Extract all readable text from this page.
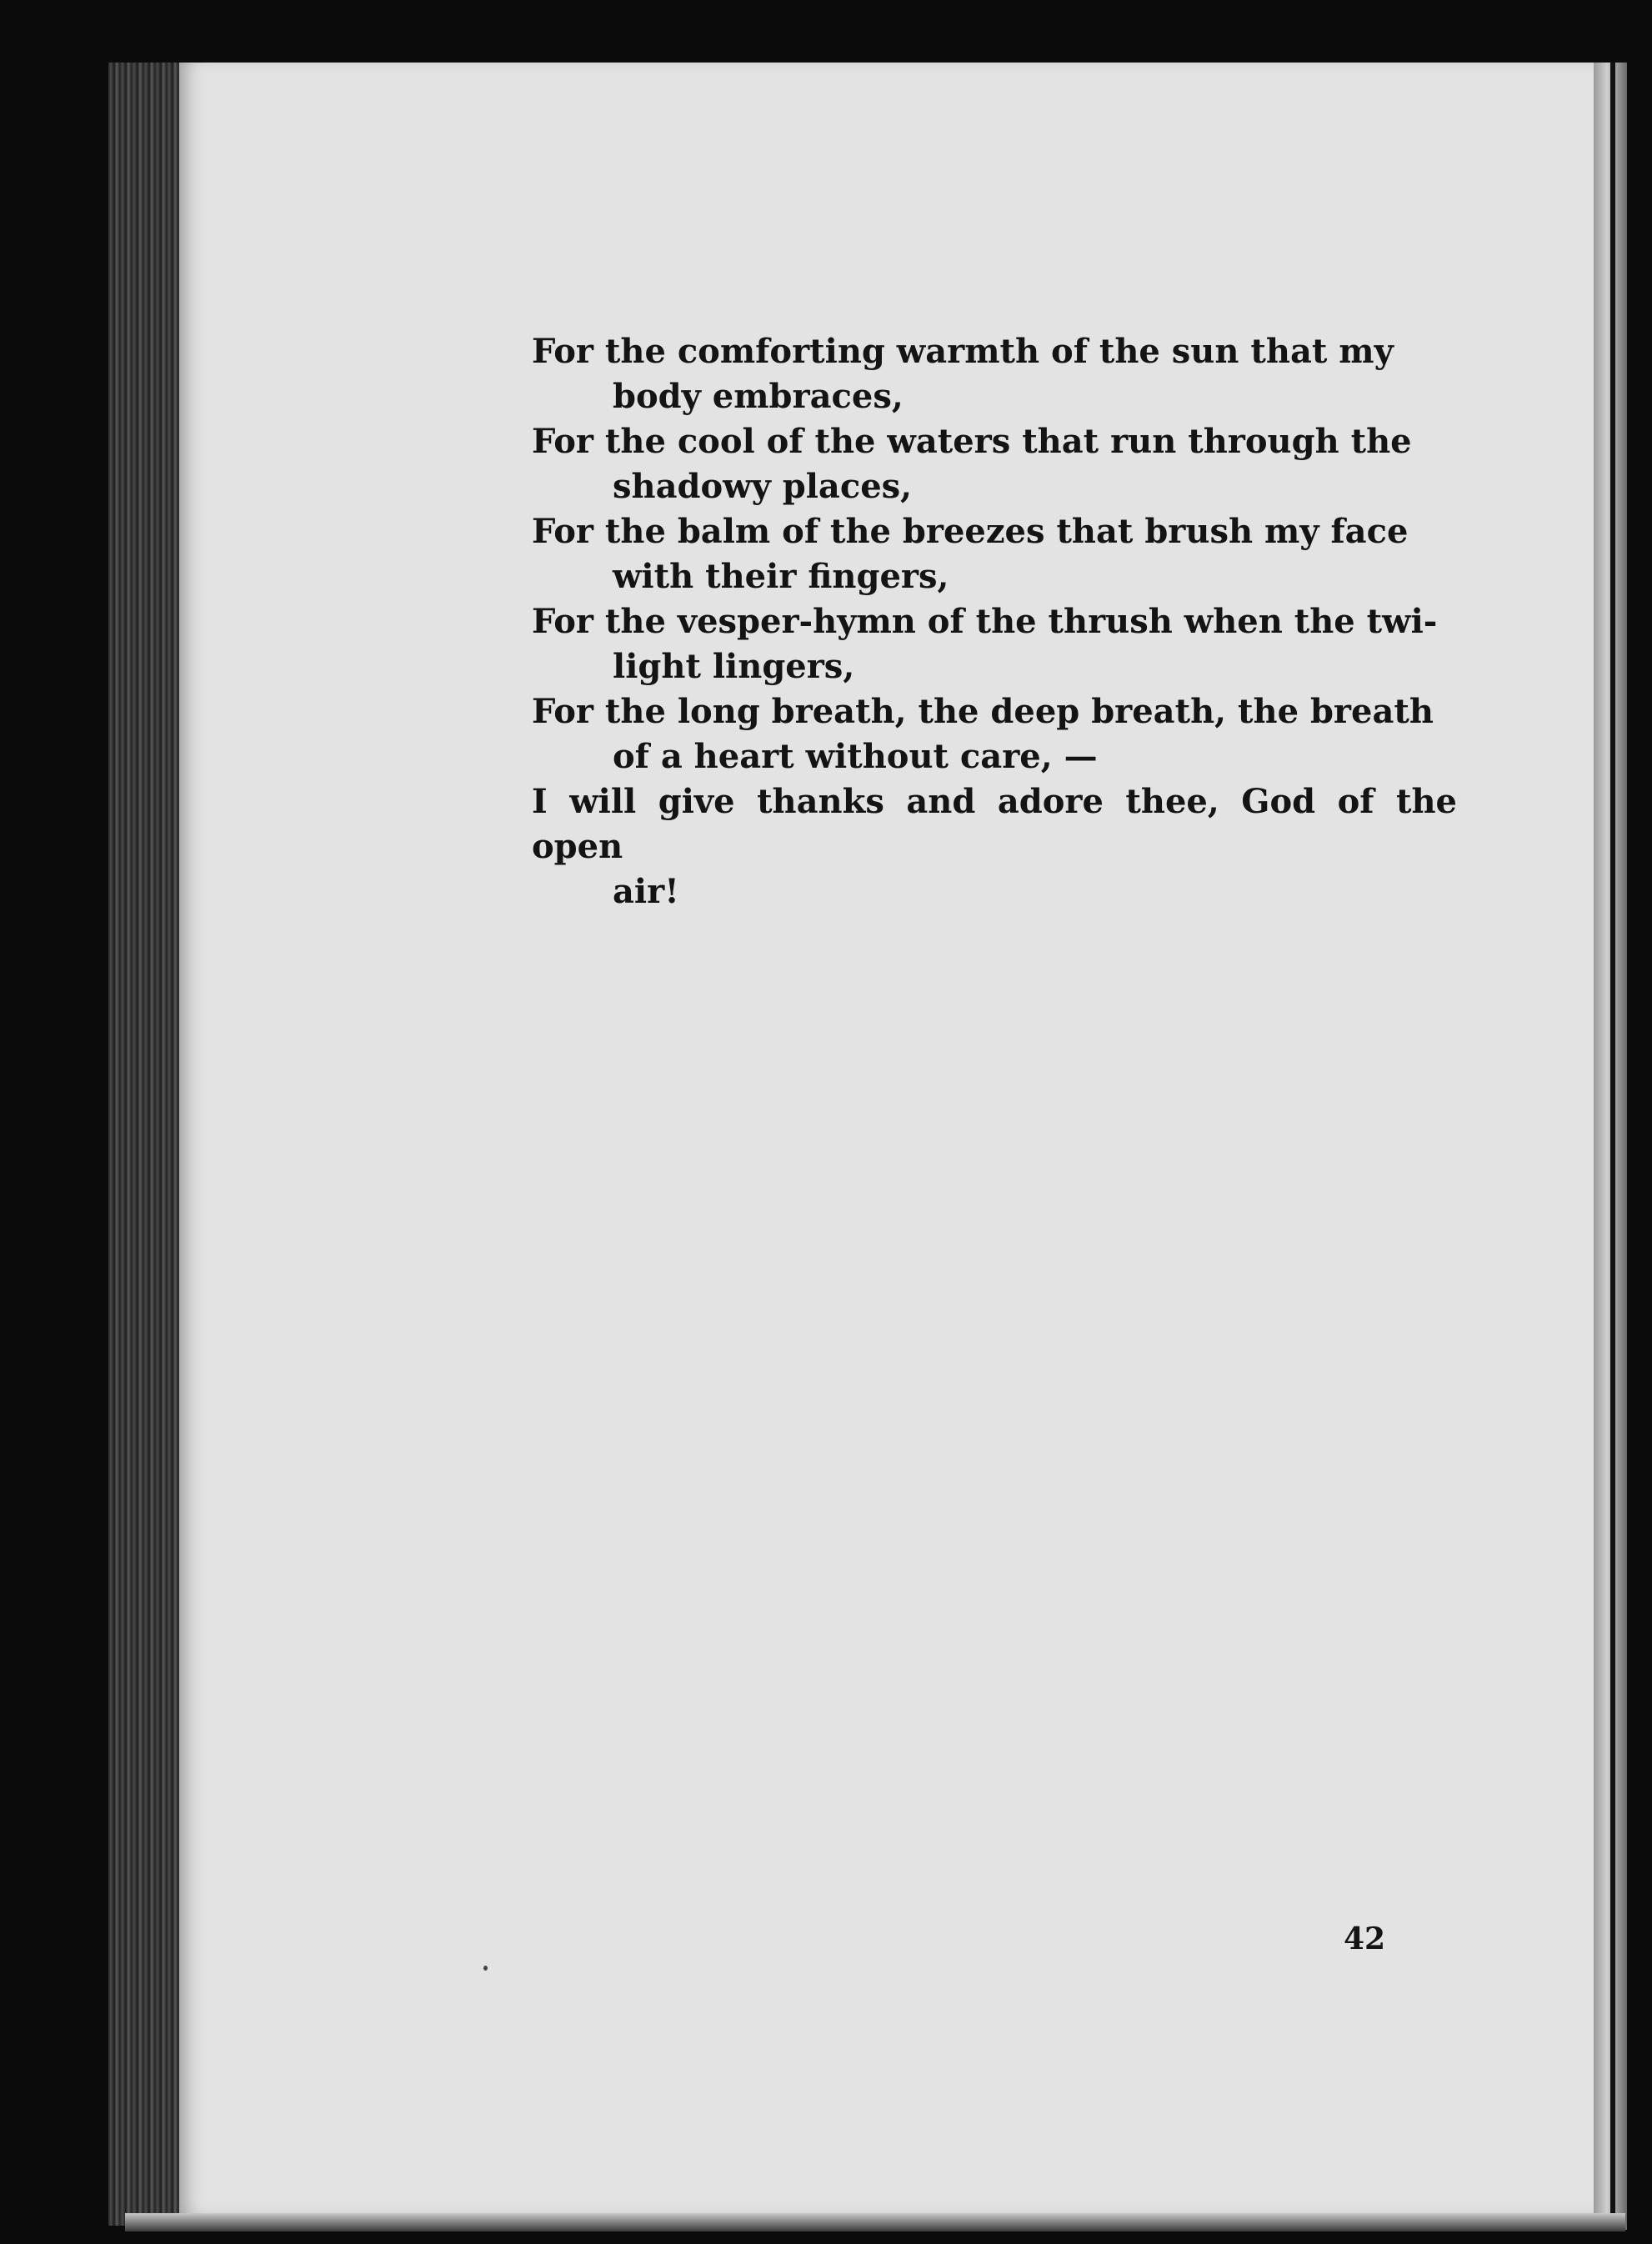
For the comforting warmth of the sun that my
body embraces,
For the cool of the waters that run through the
shadowy places,
For the balm of the breezes that brush my face
with their fingers,
For the vesper-hymn of the thrush when the twi-
light lingers,
For the long breath, the deep breath, the breath
of a heart without care, —
I will give thanks and adore thee, God of the open
air!
42
